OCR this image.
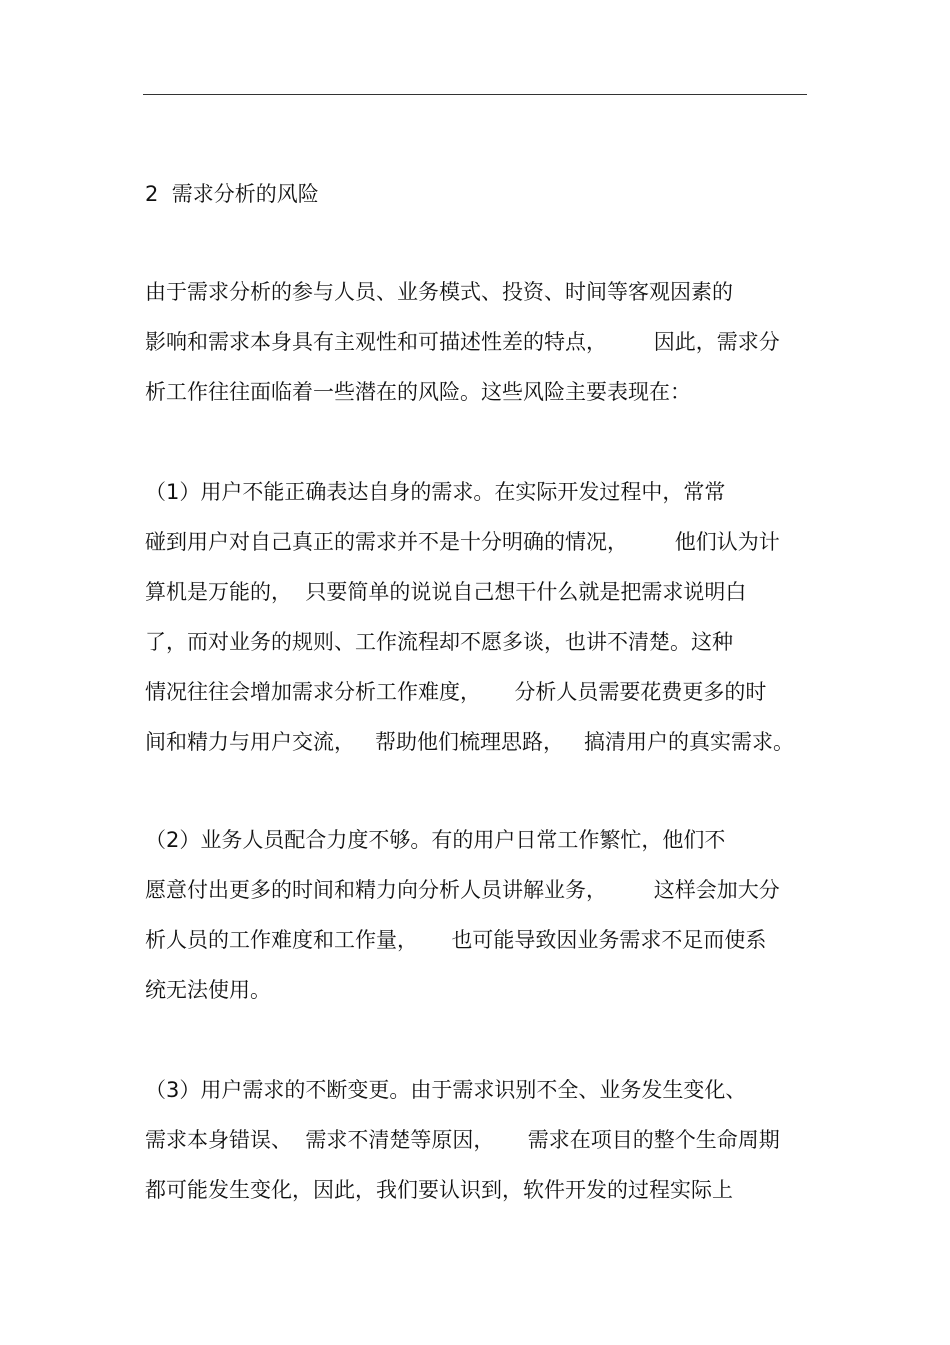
2  需求分析的风险

由于需求分析的参与人员、业务模式、投资、时间等客观因素的

影响和需求本身具有主观性和可描述性差的特点，       因此，需求分

析工作往往面临着一些潜在的风险。这些风险主要表现在：

（1）用户不能正确表达自身的需求。在实际开发过程中，常常

碰到用户对自己真正的需求并不是十分明确的情况，       他们认为计

算机是万能的，  只要简单的说说自己想干什么就是把需求说明白

了，而对业务的规则、工作流程却不愿多谈，也讲不清楚。这种

情况往往会增加需求分析工作难度，     分析人员需要花费更多的时

间和精力与用户交流，   帮助他们梳理思路，   搞清用户的真实需求。

（2）业务人员配合力度不够。有的用户日常工作繁忙，他们不

愿意付出更多的时间和精力向分析人员讲解业务，       这样会加大分

析人员的工作难度和工作量，     也可能导致因业务需求不足而使系

统无法使用。

（3）用户需求的不断变更。由于需求识别不全、业务发生变化、

需求本身错误、  需求不清楚等原因，     需求在项目的整个生命周期

都可能发生变化，因此，我们要认识到，软件开发的过程实际上
